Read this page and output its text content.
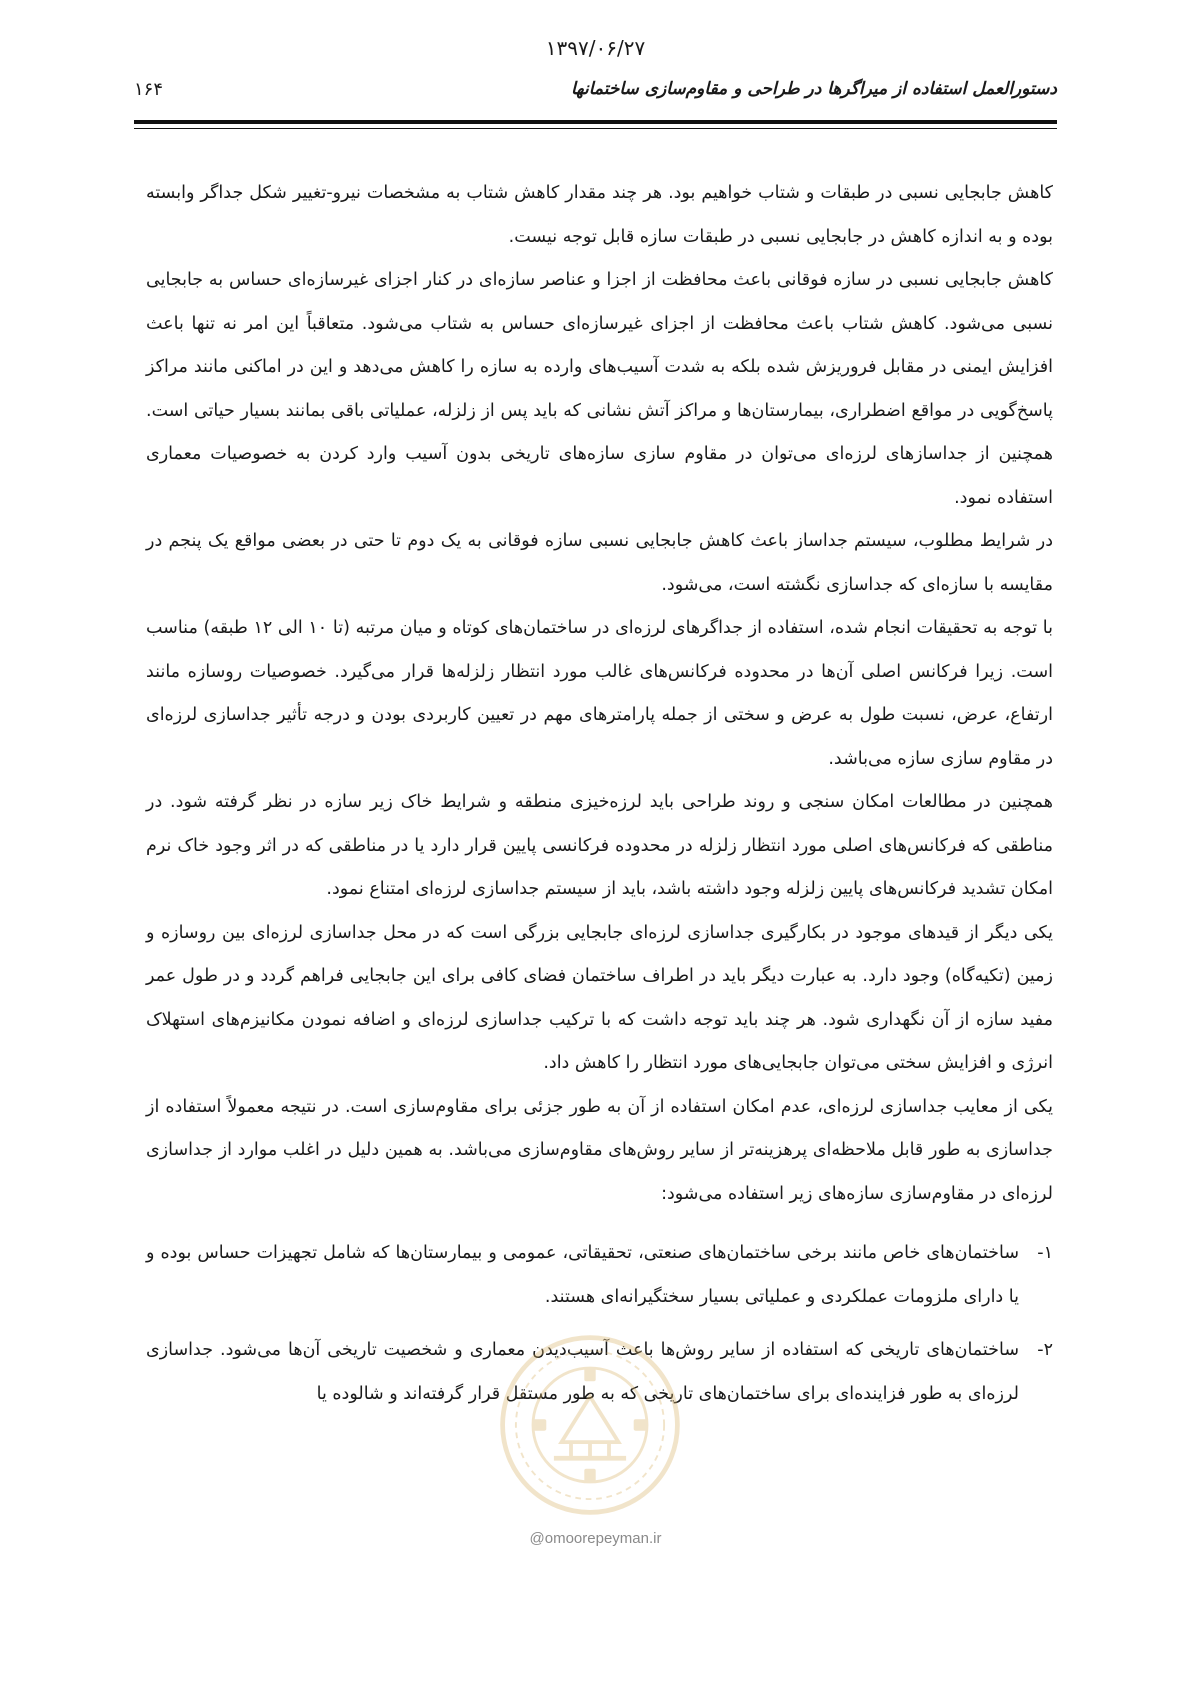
۱۳۹۷/۰۶/۲۷
دستورالعمل استفاده از میراگرها در طراحی و مقاوم‌سازی ساختمانها
۱۶۴

کاهش جابجایی نسبی در طبقات و شتاب خواهیم بود. هر چند مقدار کاهش شتاب به مشخصات نیرو-تغییر شکل جداگر وابسته بوده و به اندازه کاهش در جابجایی نسبی در طبقات سازه قابل توجه نیست.

کاهش جابجایی نسبی در سازه فوقانی باعث محافظت از اجزا و عناصر سازه‌ای در کنار اجزای غیرسازه‌ای حساس به جابجایی نسبی می‌شود. کاهش شتاب باعث محافظت از اجزای غیرسازه‌ای حساس به شتاب می‌شود. متعاقباً این امر نه تنها باعث افزایش ایمنی در مقابل فروریزش شده بلکه به شدت آسیب‌های وارده به سازه را کاهش می‌دهد و این در اماکنی مانند مراکز پاسخ‌گویی در مواقع اضطراری، بیمارستان‌ها و مراکز آتش نشانی که باید پس از زلزله، عملیاتی باقی بمانند بسیار حیاتی است. همچنین از جداسازهای لرزه‌ای می‌توان در مقاوم سازی سازه‌های تاریخی بدون آسیب وارد کردن به خصوصیات معماری استفاده نمود.

در شرایط مطلوب، سیستم جداساز باعث کاهش جابجایی نسبی سازه فوقانی به یک دوم تا حتی در بعضی مواقع یک پنجم در مقایسه با سازه‌ای که جداسازی نگشته است، می‌شود.

با توجه به تحقیقات انجام شده، استفاده از جداگرهای لرزه‌ای در ساختمان‌های کوتاه و میان مرتبه (تا ۱۰ الی ۱۲ طبقه) مناسب است. زیرا فرکانس اصلی آن‌ها در محدوده فرکانس‌های غالب مورد انتظار زلزله‌ها قرار می‌گیرد. خصوصیات روسازه مانند ارتفاع، عرض، نسبت طول به عرض و سختی از جمله پارامترهای مهم در تعیین کاربردی بودن و درجه تأثیر جداسازی لرزه‌ای در مقاوم سازی سازه می‌باشد.

همچنین در مطالعات امکان سنجی و روند طراحی باید لرزه‌خیزی منطقه و شرایط خاک زیر سازه در نظر گرفته شود. در مناطقی که فرکانس‌های اصلی مورد انتظار زلزله در محدوده فرکانسی پایین قرار دارد یا در مناطقی که در اثر وجود خاک نرم امکان تشدید فرکانس‌های پایین زلزله وجود داشته باشد، باید از سیستم جداسازی لرزه‌ای امتناع نمود.

یکی دیگر از قیدهای موجود در بکارگیری جداسازی لرزه‌ای جابجایی بزرگی است که در محل جداسازی لرزه‌ای بین روسازه و زمین (تکیه‌گاه) وجود دارد. به عبارت دیگر باید در اطراف ساختمان فضای کافی برای این جابجایی فراهم گردد و در طول عمر مفید سازه از آن نگهداری شود. هر چند باید توجه داشت که با ترکیب جداسازی لرزه‌ای و اضافه نمودن مکانیزم‌های استهلاک انرژی و افزایش سختی می‌توان جابجایی‌های مورد انتظار را کاهش داد.

یکی از معایب جداسازی لرزه‌ای، عدم امکان استفاده از آن به طور جزئی برای مقاوم‌سازی است. در نتیجه معمولاً استفاده از جداسازی به طور قابل ملاحظه‌ای پرهزینه‌تر از سایر روش‌های مقاوم‌سازی می‌باشد. به همین دلیل در اغلب موارد از جداسازی لرزه‌ای در مقاوم‌سازی سازه‌های زیر استفاده می‌شود:

۱-
ساختمان‌های خاص مانند برخی ساختمان‌های صنعتی، تحقیقاتی، عمومی و بیمارستان‌ها که شامل تجهیزات حساس بوده و یا دارای ملزومات عملکردی و عملیاتی بسیار سختگیرانه‌ای هستند.
۲-
ساختمان‌های تاریخی که استفاده از سایر روش‌ها باعث آسیب‌دیدن معماری و شخصیت تاریخی آن‌ها می‌شود. جداسازی لرزه‌ای به طور فزاینده‌ای برای ساختمان‌های تاریخی که به طور مستقل قرار گرفته‌اند و شالوده یا
@omoorepeyman.ir
